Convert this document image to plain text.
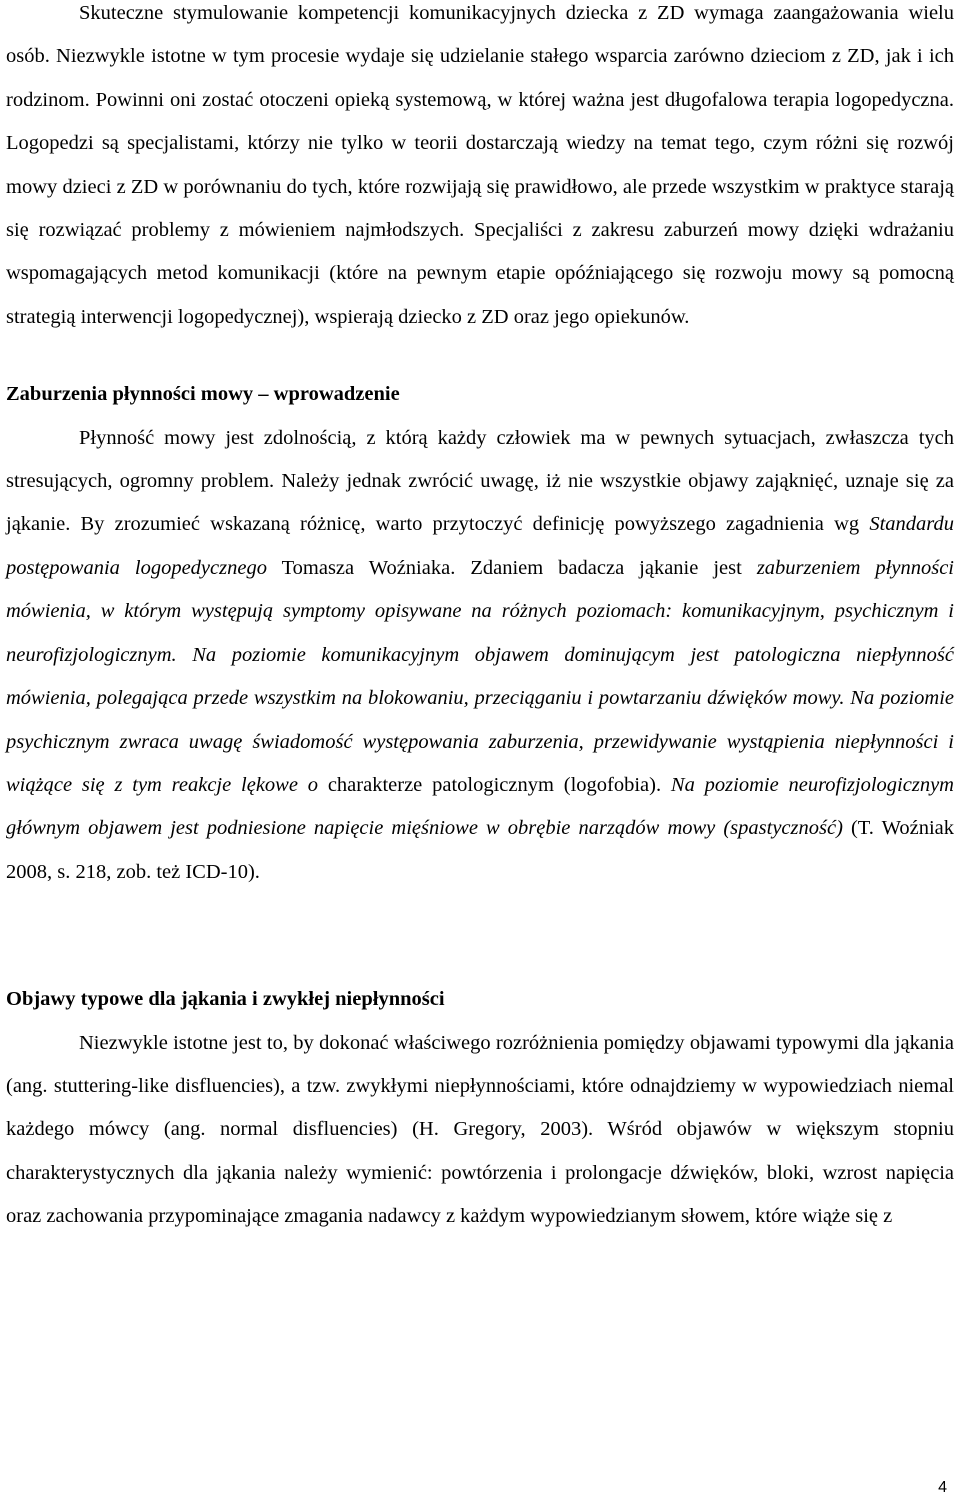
Skuteczne stymulowanie kompetencji komunikacyjnych dziecka z ZD wymaga zaangażowania wielu osób. Niezwykle istotne w tym procesie wydaje się udzielanie stałego wsparcia zarówno dzieciom z ZD, jak i ich rodzinom. Powinni oni zostać otoczeni opieką systemową, w której ważna jest długofalowa terapia logopedyczna. Logopedzi są specjalistami, którzy nie tylko w teorii dostarczają wiedzy na temat tego, czym różni się rozwój mowy dzieci z ZD w porównaniu do tych, które rozwijają się prawidłowo, ale przede wszystkim w praktyce starają się rozwiązać problemy z mówieniem najmłodszych. Specjaliści z zakresu zaburzeń mowy dzięki wdrażaniu wspomagających metod komunikacji (które na pewnym etapie opóźniającego się rozwoju mowy są pomocną strategią interwencji logopedycznej), wspierają dziecko z ZD oraz jego opiekunów.

Zaburzenia płynności mowy – wprowadzenie

Płynność mowy jest zdolnością, z którą każdy człowiek ma w pewnych sytuacjach, zwłaszcza tych stresujących, ogromny problem. Należy jednak zwrócić uwagę, iż nie wszystkie objawy zająknięć, uznaje się za jąkanie. By zrozumieć wskazaną różnicę, warto przytoczyć definicję powyższego zagadnienia wg Standardu postępowania logopedycznego Tomasza Woźniaka. Zdaniem badacza jąkanie jest zaburzeniem płynności mówienia, w którym występują symptomy opisywane na różnych poziomach: komunikacyjnym, psychicznym i neurofizjologicznym. Na poziomie komunikacyjnym objawem dominującym jest patologiczna niepłynność mówienia, polegająca przede wszystkim na blokowaniu, przeciąganiu i powtarzaniu dźwięków mowy. Na poziomie psychicznym zwraca uwagę świadomość występowania zaburzenia, przewidywanie wystąpienia niepłynności i wiążące się z tym reakcje lękowe o charakterze patologicznym (logofobia). Na poziomie neurofizjologicznym głównym objawem jest podniesione napięcie mięśniowe w obrębie narządów mowy (spastyczność) (T. Woźniak 2008, s. 218, zob. też ICD-10).

Objawy typowe dla jąkania i zwykłej niepłynności

Niezwykle istotne jest to, by dokonać właściwego rozróżnienia pomiędzy objawami typowymi dla jąkania (ang. stuttering-like disfluencies), a tzw. zwykłymi niepłynnościami, które odnajdziemy w wypowiedziach niemal każdego mówcy (ang. normal disfluencies) (H. Gregory, 2003). Wśród objawów w większym stopniu charakterystycznych dla jąkania należy wymienić: powtórzenia i prolongacje dźwięków, bloki, wzrost napięcia oraz zachowania przypominające zmagania nadawcy z każdym wypowiedzianym słowem, które wiąże się z

4
